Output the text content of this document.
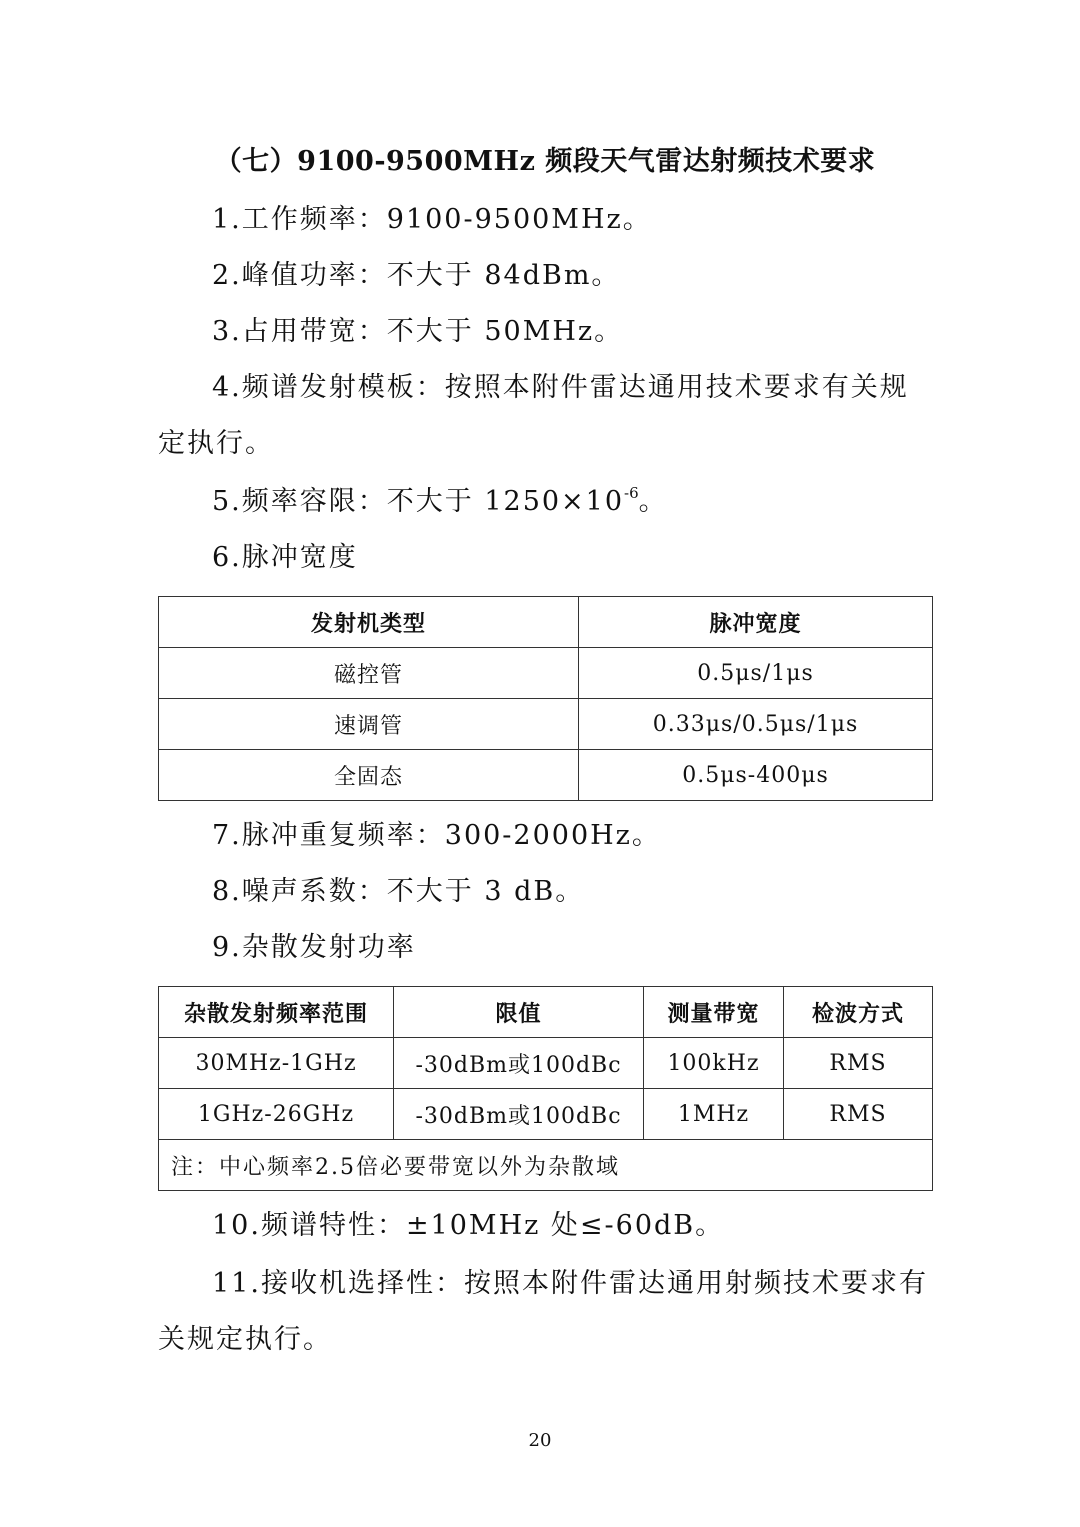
（七）9100-9500MHz 频段天气雷达射频技术要求
1.工作频率：9100-9500MHz。
2.峰值功率：不大于 84dBm。
3.占用带宽：不大于 50MHz。
4.频谱发射模板：按照本附件雷达通用技术要求有关规定执行。
5.频率容限：不大于 $1250\times 10^{-6}$。
6.脉冲宽度
发射机类型	脉冲宽度
磁控管	0.5μs/1μs
速调管	0.33μs/0.5μs/1μs
全固态	0.5μs-400μs
7.脉冲重复频率：300-2000Hz。
8.噪声系数：不大于 3 dB。
9.杂散发射功率
杂散发射频率范围	限值	测量带宽	检波方式
30MHz-1GHz	-30dBm或100dBc	100kHz	RMS
1GHz-26GHz	-30dBm或100dBc	1MHz	RMS
注：中心频率2.5倍必要带宽以外为杂散域			
10.频谱特性：±10MHz 处≤-60dB。
11.接收机选择性：按照本附件雷达通用射频技术要求有关规定执行。
20
